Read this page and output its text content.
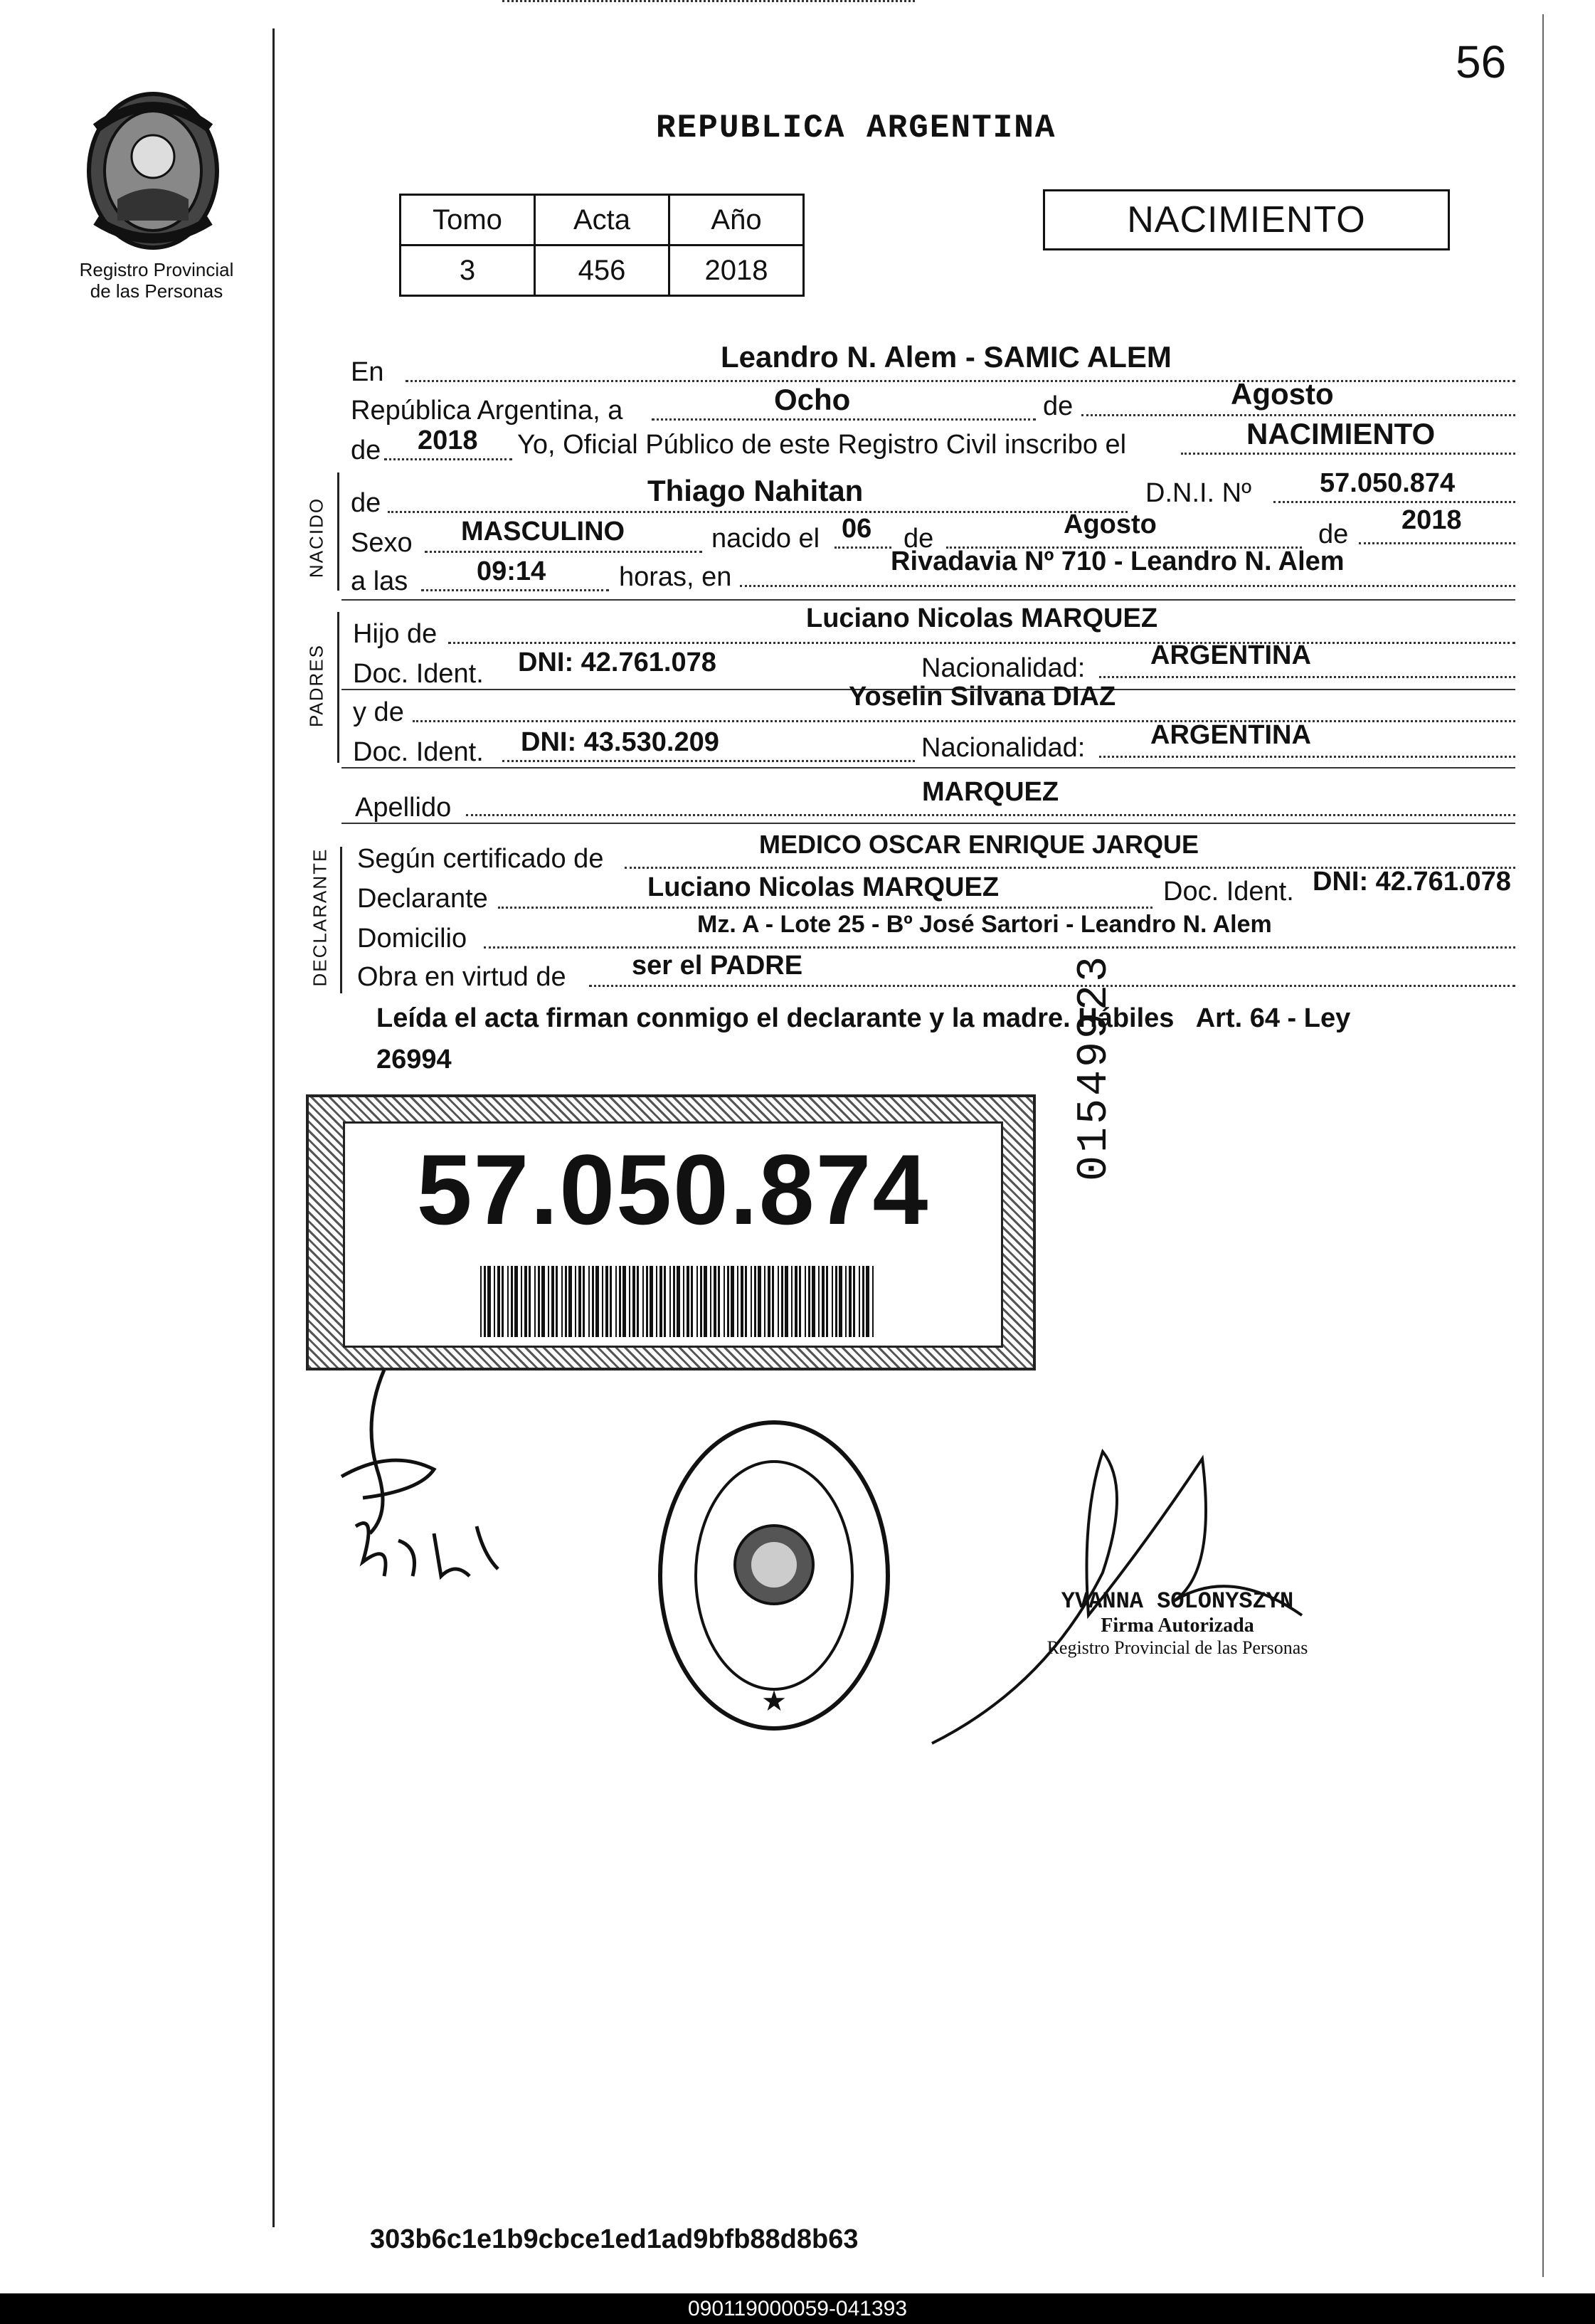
Registro Provincial
de las Personas
56
REPUBLICA ARGENTINA
Tomo	Acta	Año
3	456	2018
NACIMIENTO
En	Leandro N. Alem - SAMIC ALEM
República Argentina, a	Ocho	de	Agosto
de 2018 Yo, Oficial Público de este Registro Civil inscribo el	NACIMIENTO
NACIDO de	Thiago Nahitan	D.N.I. Nº	57.050.874
Sexo MASCULINO	nacido el 06 de	Agosto	de 2018
a las	09:14	horas, en
Rivadavia Nº 710 - Leandro N. Alem
PADRES
Hijo de
Luciano Nicolas MARQUEZ
Doc. Ident. DNI: 42.761.078	Nacionalidad: ARGENTINA
y de
Yoselin Silvana DIAZ
Doc. Ident. DNI: 43.530.209	Nacionalidad: ARGENTINA
Apellido
MARQUEZ
DECLARANTE Según certificado de	MEDICO OSCAR ENRIQUE JARQUE
Declarante	Luciano Nicolas MARQUEZ	Doc. Ident. DNI: 42.761.078
Domicilio	Mz. A - Lote 25 - Bº José Sartori - Leandro N. Alem
Obra en virtud de ser el PADRE
Leída el acta firman conmigo el declarante y la madre. Hábiles   Art. 64 - Ley
26994
57.050.874
01549923
★
YVANNA SOLONYSZYN
Firma Autorizada
Registro Provincial de las Personas
303b6c1e1b9cbce1ed1ad9bfb88d8b63
090119000059-041393
